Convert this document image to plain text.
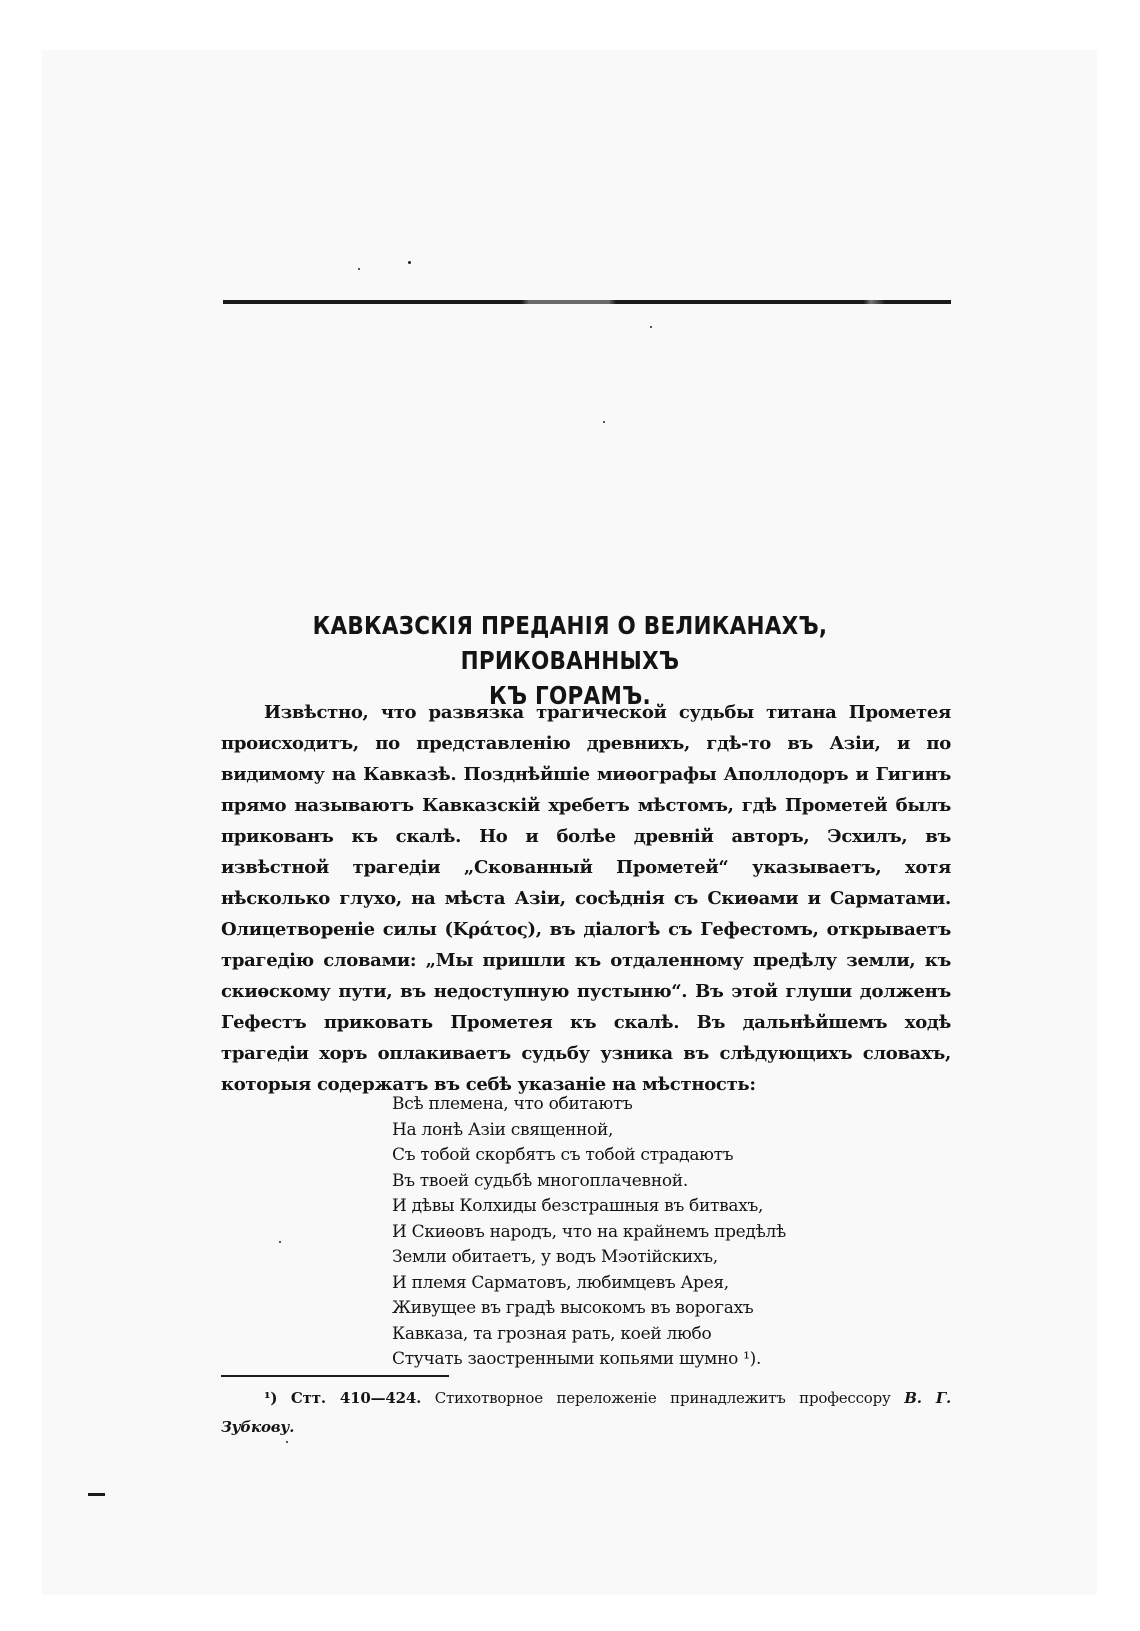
КАВКАЗСКІЯ ПРЕДАНІЯ О ВЕЛИКАНАХЪ, ПРИКОВАННЫХЪ
КЪ ГОРАМЪ.

Извѣстно, что развязка трагической судьбы титана Прометея происходитъ, по представленію древнихъ, гдѣ-то въ Азіи, и по видимому на Кавказѣ. Позднѣйшіе миѳографы Аполлодоръ и Гигинъ прямо называютъ Кавказскій хребетъ мѣстомъ, гдѣ Прометей былъ прикованъ къ скалѣ. Но и болѣе древній авторъ, Эсхилъ, въ извѣстной трагедіи „Скованный Прометей“ указываетъ, хотя нѣсколько глухо, на мѣста Азіи, сосѣднія съ Скиѳами и Сарматами. Олицетвореніе силы (Κράτος), въ діалогѣ съ Гефестомъ, открываетъ трагедію словами: „Мы пришли къ отдаленному предѣлу земли, къ скиѳскому пути, въ недоступную пустыню“. Въ этой глуши долженъ Гефестъ приковать Прометея къ скалѣ. Въ дальнѣйшемъ ходѣ трагедіи хоръ оплакиваетъ судьбу узника въ слѣдующихъ словахъ, которыя содержатъ въ себѣ указаніе на мѣстность:

Всѣ племена, что обитаютъ
На лонѣ Азіи священной,
Съ тобой скорбятъ съ тобой страдаютъ
Въ твоей судьбѣ многоплачевной.
И дѣвы Колхиды безстрашныя въ битвахъ,
И Скиѳовъ народъ, что на крайнемъ предѣлѣ
Земли обитаетъ, у водъ Мэотійскихъ,
И племя Сарматовъ, любимцевъ Арея,
Живущее въ градѣ высокомъ въ ворогахъ
Кавказа, та грозная рать, коей любо
Стучать заостренными копьями шумно ¹).

¹) Стт. 410—424. Стихотворное переложеніе принадлежитъ профессору В. Г. Зубкову.
